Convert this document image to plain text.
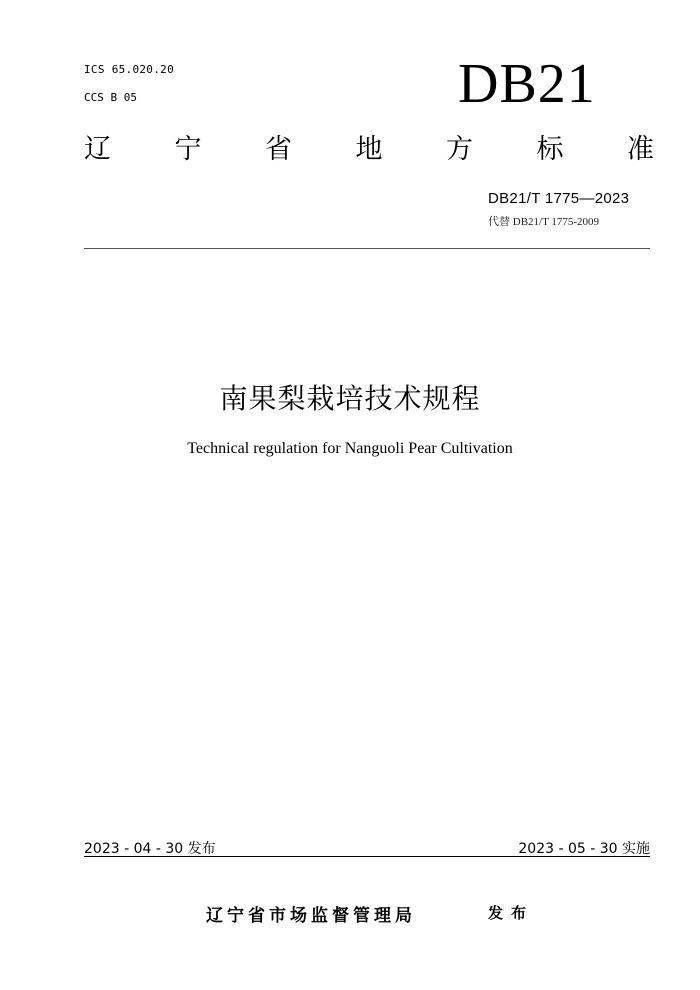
ICS 65.020.20
CCS B 05	DB21
辽 宁 省 地 方 标 准
DB21/T 1775—2023
代替 DB21/T 1775-2009
南果梨栽培技术规程
Technical regulation for Nanguoli Pear Cultivation
2023 - 04 - 30 发布	2023 - 05 - 30 实施
辽宁省市场监督管理局	发布
